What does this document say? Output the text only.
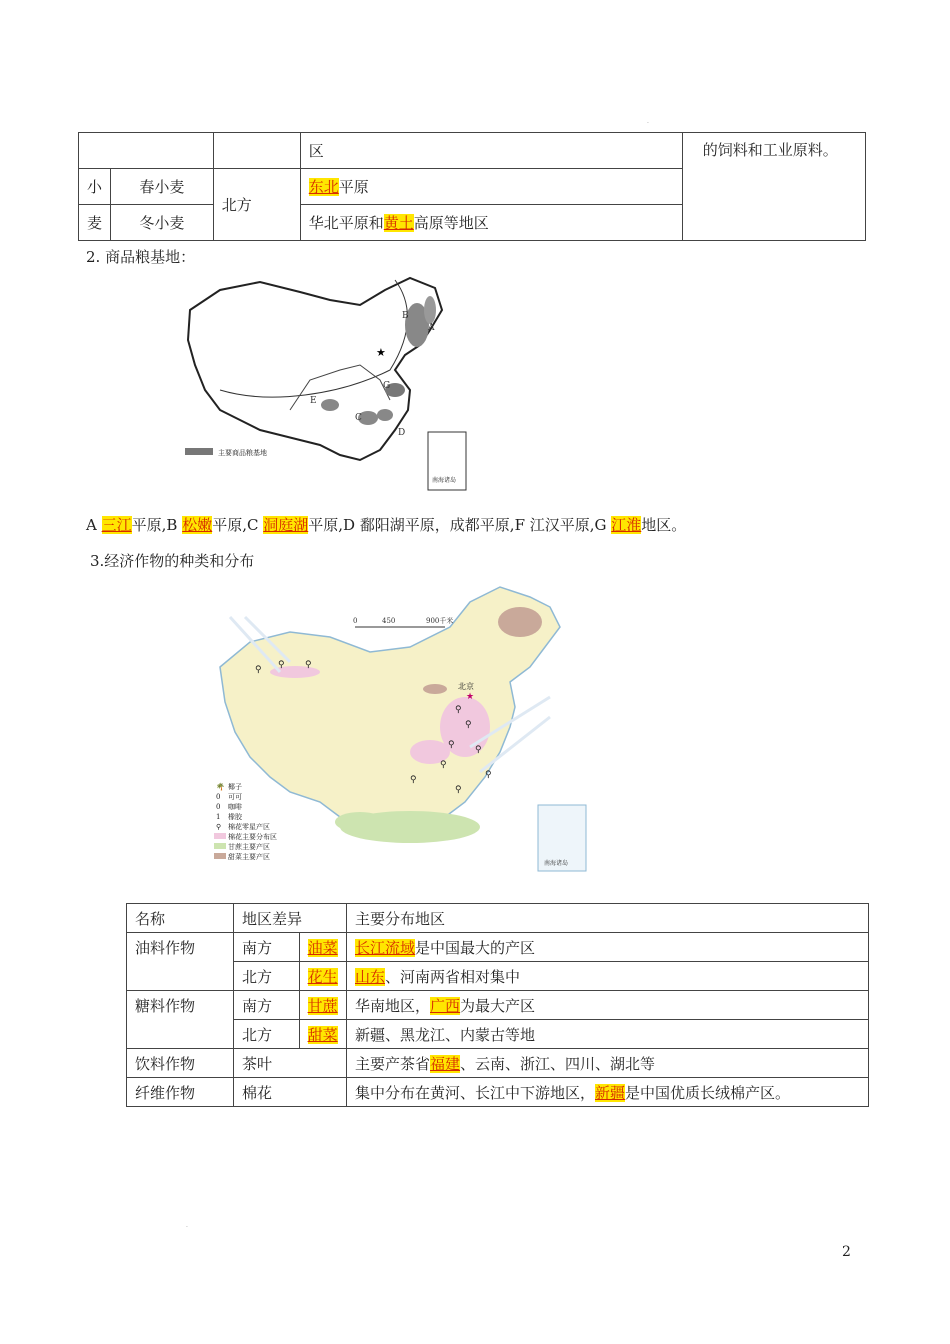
.
			区	的饲料和工业原料。
小	春小麦	北方	东北平原	
麦	冬小麦		华北平原和黄土高原等地区	
2. 商品粮基地：
B
A
C
D
E
G
★
主要商品粮基地
南海诸岛
A 三江平原,B 松嫩平原,C 洞庭湖平原,D 鄱阳湖平原，成都平原,F 江汉平原,G 江淮地区。
3.经济作物的种类和分布
0	450	900千米
北京
★
⚲ ⚲ ⚲
⚲
⚲
⚲ ⚲
⚲
⚲
⚲
⚲
南海诸岛
🌴 椰子
0 可可
0 咖啡
1 橡胶
⚲ 棉花零星产区
棉花主要分布区
甘蔗主要产区
甜菜主要产区
名称	地区差异		主要分布地区
油料作物	南方	油菜	长江流域是中国最大的产区
	北方	花生	山东、河南两省相对集中
糖料作物	南方	甘蔗	华南地区，广西为最大产区
	北方	甜菜	新疆、黑龙江、内蒙古等地
饮料作物	茶叶		主要产茶省福建、云南、浙江、四川、湖北等
纤维作物	棉花		集中分布在黄河、长江中下游地区，新疆是中国优质长绒棉产区。
.
2
